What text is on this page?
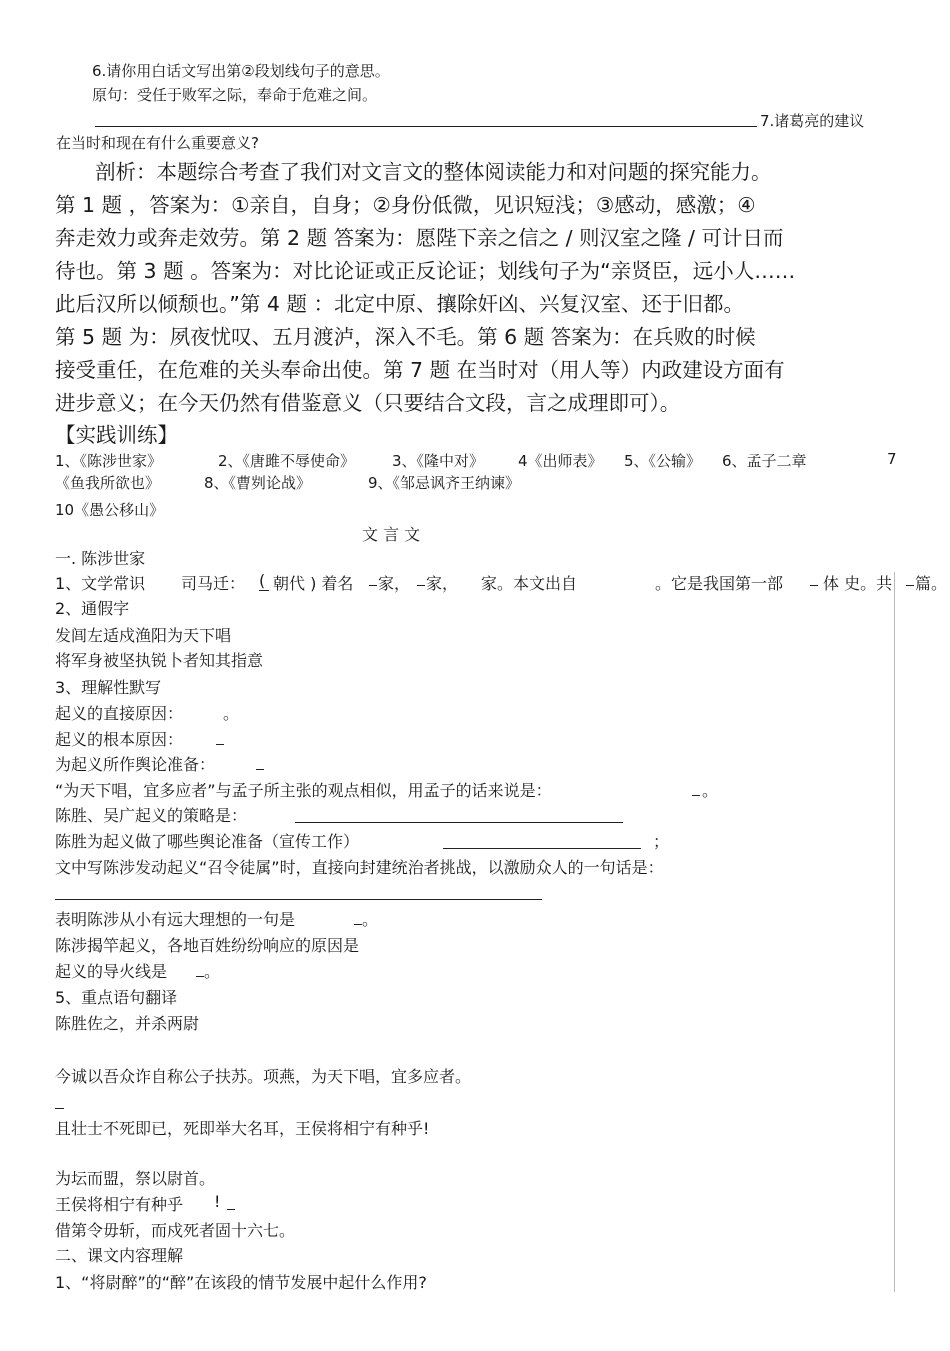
6.请你用白话文写出第②段划线句子的意思。
原句：受任于败军之际，奉命于危难之间。
7.诸葛亮的建议
在当时和现在有什么重要意义?
剖析：本题综合考查了我们对文言文的整体阅读能力和对问题的探究能力。
第 1 题 ，答案为：①亲自，自身；②身份低微，见识短浅；③感动，感激；④
奔走效力或奔走效劳。第 2 题 答案为：愿陛下亲之信之 / 则汉室之隆 / 可计日而
待也。第 3 题 。答案为：对比论证或正反论证；划线句子为“亲贤臣，远小人……
此后汉所以倾颓也。”第 4 题 ：北定中原、攘除奸凶、兴复汉室、还于旧都。
第 5 题 为：夙夜忧叹、五月渡泸，深入不毛。第 6 题 答案为：在兵败的时候
接受重任，在危难的关头奉命出使。第 7 题 在当时对（用人等）内政建设方面有
进步意义；在今天仍然有借鉴意义（只要结合文段，言之成理即可）。
【实践训练】
1、《陈涉世家》	2、《唐雎不辱使命》 3、《隆中对》 4《出师表》 5、《公输》 6、孟子二章	7
《鱼我所欲也》	8、《曹刿论战》	9、《邹忌讽齐王纳谏》
10《愚公移山》
文 言 文
一. 陈涉世家
1、文学常识 司马迁： ( 朝代 ) 着名 家， 家， 家。本文出自	。它是我国第一部 体 史。共 篇。
2、通假字
发闾左适戍渔阳为天下唱
将军身被坚执锐卜者知其指意
3、理解性默写
起义的直接原因： 。
起义的根本原因：
为起义所作舆论准备：
“为天下唱，宜多应者”与孟子所主张的观点相似，用孟子的话来说是：	。
陈胜、吴广起义的策略是：
陈胜为起义做了哪些舆论准备（宣传工作）	；
文中写陈涉发动起义“召令徒属”时，直接向封建统治者挑战，以激励众人的一句话是：
表明陈涉从小有远大理想的一句是	。
陈涉揭竿起义，各地百姓纷纷响应的原因是
起义的导火线是 。
5、重点语句翻译
陈胜佐之，并杀两尉
今诚以吾众诈自称公子扶苏。项燕，为天下唱，宜多应者。
且壮士不死即已，死即举大名耳，王侯将相宁有种乎!
为坛而盟，祭以尉首。
王侯将相宁有种乎 !
借第令毋斩，而戍死者固十六七。
二、课文内容理解
1、“将尉醉”的“醉”在该段的情节发展中起什么作用?
